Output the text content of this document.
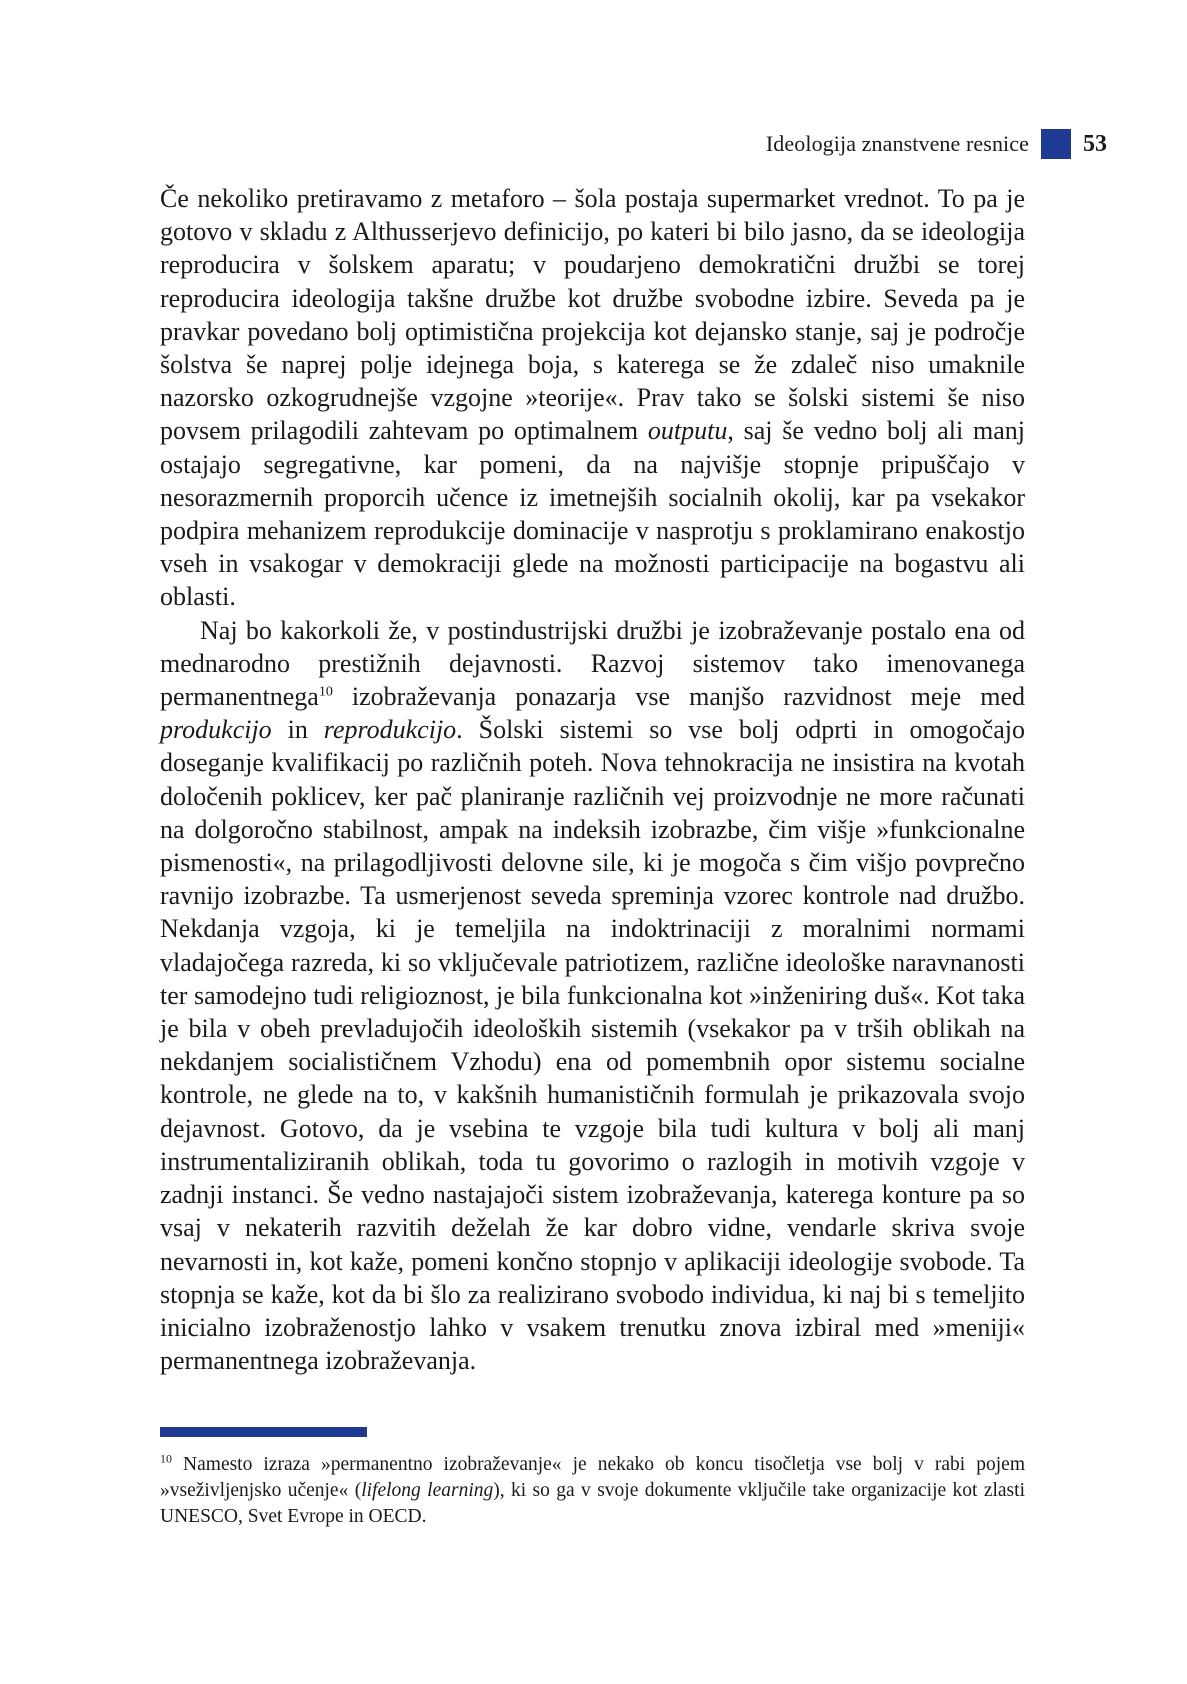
Ideologija znanstvene resnice 53

Če nekoliko pretiravamo z metaforo – šola postaja supermarket vrednot. To pa je gotovo v skladu z Althusserjevo definicijo, po kateri bi bilo jasno, da se ideologija reproducira v šolskem aparatu; v poudarjeno demokratični družbi se torej reproducira ideologija takšne družbe kot družbe svobodne izbire. Seveda pa je pravkar povedano bolj optimistična projekcija kot dejansko stanje, saj je področje šolstva še naprej polje idejnega boja, s katerega se že zdaleč niso umaknile nazorsko ozkogrudnejše vzgojne »teorije«. Prav tako se šolski sistemi še niso povsem prilagodili zahtevam po optimalnem outputu, saj še vedno bolj ali manj ostajajo segregativne, kar pomeni, da na najvišje stopnje pripuščajo v nesorazmernih proporcih učence iz imetnejših socialnih okolij, kar pa vsekakor podpira mehanizem reprodukcije dominacije v nasprotju s proklamirano enakostjo vseh in vsakogar v demokraciji glede na možnosti participacije na bogastvu ali oblasti.

Naj bo kakorkoli že, v postindustrijski družbi je izobraževanje postalo ena od mednarodno prestižnih dejavnosti. Razvoj sistemov tako imenovanega permanentnega$^{10}$ izobraževanja ponazarja vse manjšo razvidnost meje med produkcijo in reprodukcijo. Šolski sistemi so vse bolj odprti in omogočajo doseganje kvalifikacij po različnih poteh. Nova tehnokracija ne insistira na kvotah določenih poklicev, ker pač planiranje različnih vej proizvodnje ne more računati na dolgoročno stabilnost, ampak na indeksih izobrazbe, čim višje »funkcionalne pismenosti«, na prilagodljivosti delovne sile, ki je mogoča s čim višjo povprečno ravnijo izobrazbe. Ta usmerjenost seveda spreminja vzorec kontrole nad družbo. Nekdanja vzgoja, ki je temeljila na indoktrinaciji z moralnimi normami vladajočega razreda, ki so vključevale patriotizem, različne ideološke naravnanosti ter samodejno tudi religioznost, je bila funkcionalna kot »inženiring duš«. Kot taka je bila v obeh prevladujočih ideoloških sistemih (vsekakor pa v trših oblikah na nekdanjem socialističnem Vzhodu) ena od pomembnih opor sistemu socialne kontrole, ne glede na to, v kakšnih humanističnih formulah je prikazovala svojo dejavnost. Gotovo, da je vsebina te vzgoje bila tudi kultura v bolj ali manj instrumentaliziranih oblikah, toda tu govorimo o razlogih in motivih vzgoje v zadnji instanci. Še vedno nastajajoči sistem izobraževanja, katerega konture pa so vsaj v nekaterih razvitih deželah že kar dobro vidne, vendarle skriva svoje nevarnosti in, kot kaže, pomeni končno stopnjo v aplikaciji ideologije svobode. Ta stopnja se kaže, kot da bi šlo za realizirano svobodo individua, ki naj bi s temeljito inicialno izobraženostjo lahko v vsakem trenutku znova izbiral med »meniji« permanentnega izobraževanja.

$^{10}$ Namesto izraza »permanentno izobraževanje« je nekako ob koncu tisočletja vse bolj v rabi pojem »vseživljenjsko učenje« (lifelong learning), ki so ga v svoje dokumente vključile take organizacije kot zlasti UNESCO, Svet Evrope in OECD.
